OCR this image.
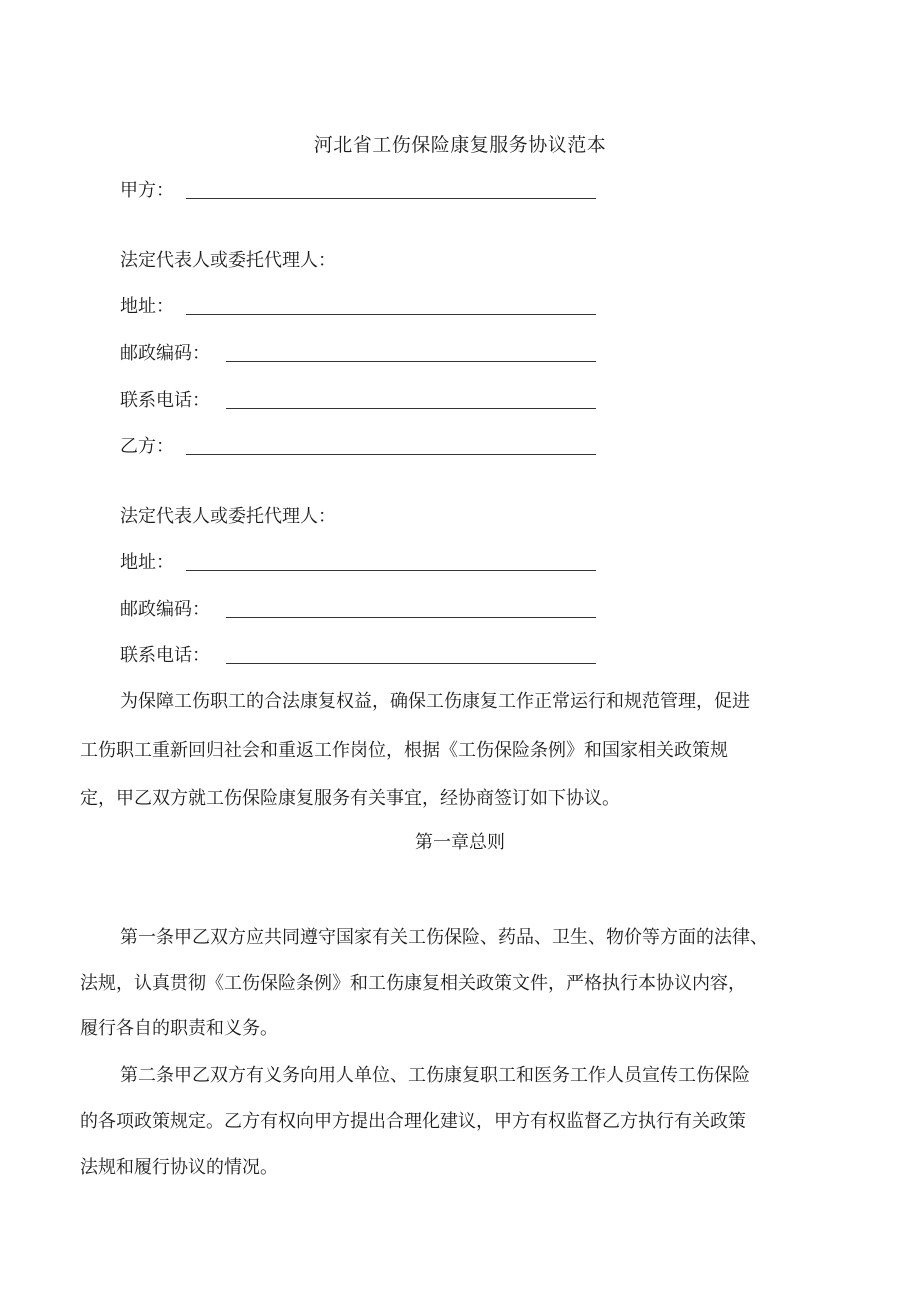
河北省工伤保险康复服务协议范本
甲方：
法定代表人或委托代理人：
地址：
邮政编码：
联系电话：
乙方：
法定代表人或委托代理人：
地址：
邮政编码：
联系电话：
为保障工伤职工的合法康复权益，确保工伤康复工作正常运行和规范管理，促进
工伤职工重新回归社会和重返工作岗位，根据《工伤保险条例》和国家相关政策规
定，甲乙双方就工伤保险康复服务有关事宜，经协商签订如下协议。
第一章总则
第一条甲乙双方应共同遵守国家有关工伤保险、药品、卫生、物价等方面的法律、
法规，认真贯彻《工伤保险条例》和工伤康复相关政策文件，严格执行本协议内容，
履行各自的职责和义务。
第二条甲乙双方有义务向用人单位、工伤康复职工和医务工作人员宣传工伤保险
的各项政策规定。乙方有权向甲方提出合理化建议，甲方有权监督乙方执行有关政策
法规和履行协议的情况。
